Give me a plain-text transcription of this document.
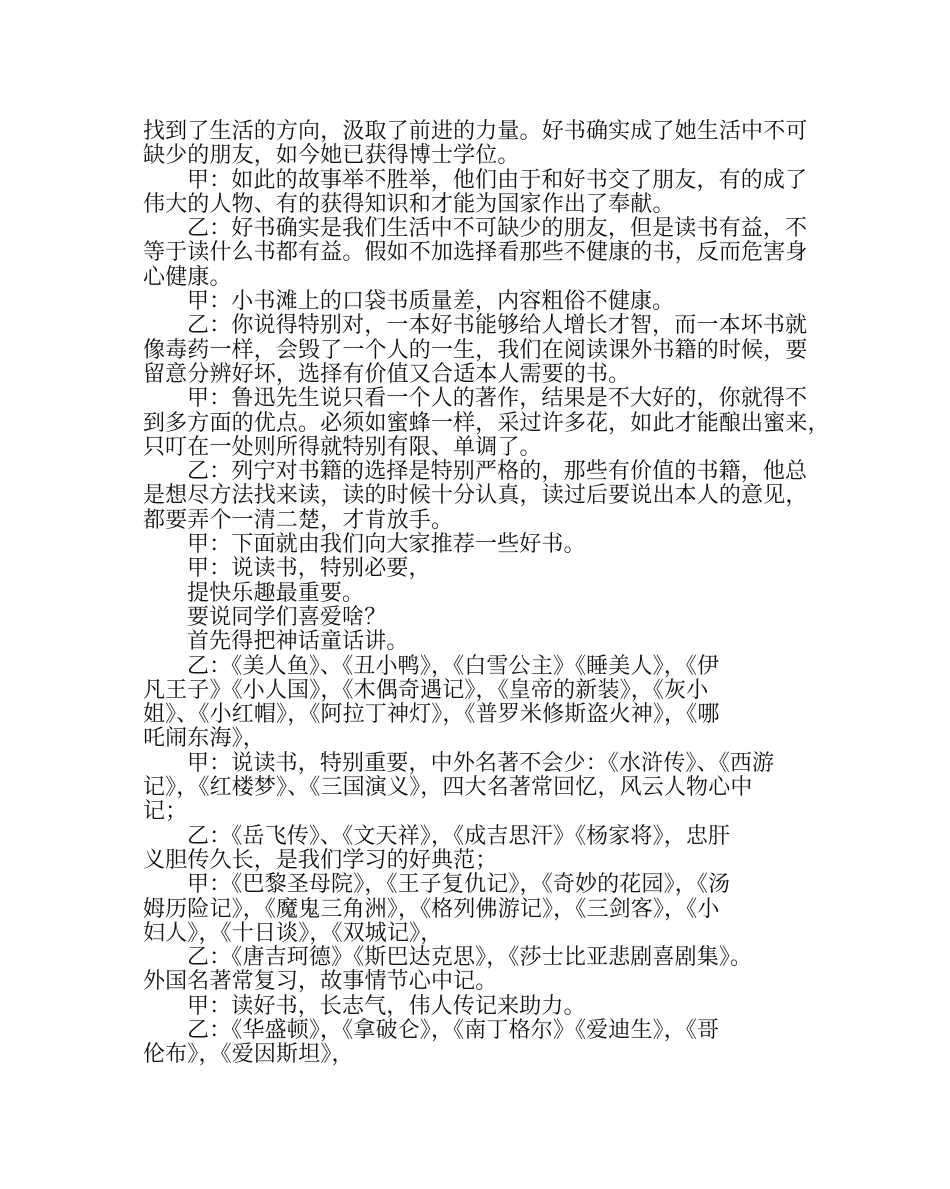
找到了生活的方向，汲取了前进的力量。好书确实成了她生活中不可
缺少的朋友，如今她已获得博士学位。
甲：如此的故事举不胜举，他们由于和好书交了朋友，有的成了
伟大的人物、有的获得知识和才能为国家作出了奉献。
乙：好书确实是我们生活中不可缺少的朋友，但是读书有益，不
等于读什么书都有益。假如不加选择看那些不健康的书，反而危害身
心健康。
甲：小书滩上的口袋书质量差，内容粗俗不健康。
乙：你说得特别对，一本好书能够给人增长才智，而一本坏书就
像毒药一样，会毁了一个人的一生，我们在阅读课外书籍的时候，要
留意分辨好坏，选择有价值又合适本人需要的书。
甲：鲁迅先生说只看一个人的著作，结果是不大好的，你就得不
到多方面的优点。必须如蜜蜂一样，采过许多花，如此才能酿出蜜来，
只叮在一处则所得就特别有限、单调了。
乙：列宁对书籍的选择是特别严格的，那些有价值的书籍，他总
是想尽方法找来读，读的时候十分认真，读过后要说出本人的意见，
都要弄个一清二楚，才肯放手。
甲：下面就由我们向大家推荐一些好书。
甲：说读书，特别必要，
提快乐趣最重要。
要说同学们喜爱啥？
首先得把神话童话讲。
乙：《美人鱼》、《丑小鸭》，《白雪公主》《睡美人》，《伊
凡王子》《小人国》，《木偶奇遇记》，《皇帝的新装》，《灰小
姐》、《小红帽》，《阿拉丁神灯》，《普罗米修斯盗火神》，《哪
吒闹东海》，
甲：说读书，特别重要，中外名著不会少：《水浒传》、《西游
记》，《红楼梦》、《三国演义》，四大名著常回忆，风云人物心中
记；
乙：《岳飞传》、《文天祥》，《成吉思汗》《杨家将》，忠肝
义胆传久长，是我们学习的好典范；
甲：《巴黎圣母院》，《王子复仇记》，《奇妙的花园》，《汤
姆历险记》，《魔鬼三角洲》，《格列佛游记》，《三剑客》，《小
妇人》，《十日谈》，《双城记》，
乙：《唐吉珂德》《斯巴达克思》，《莎士比亚悲剧喜剧集》。
外国名著常复习，故事情节心中记。
甲：读好书，长志气，伟人传记来助力。
乙：《华盛顿》，《拿破仑》，《南丁格尔》《爱迪生》，《哥
伦布》，《爱因斯坦》，
